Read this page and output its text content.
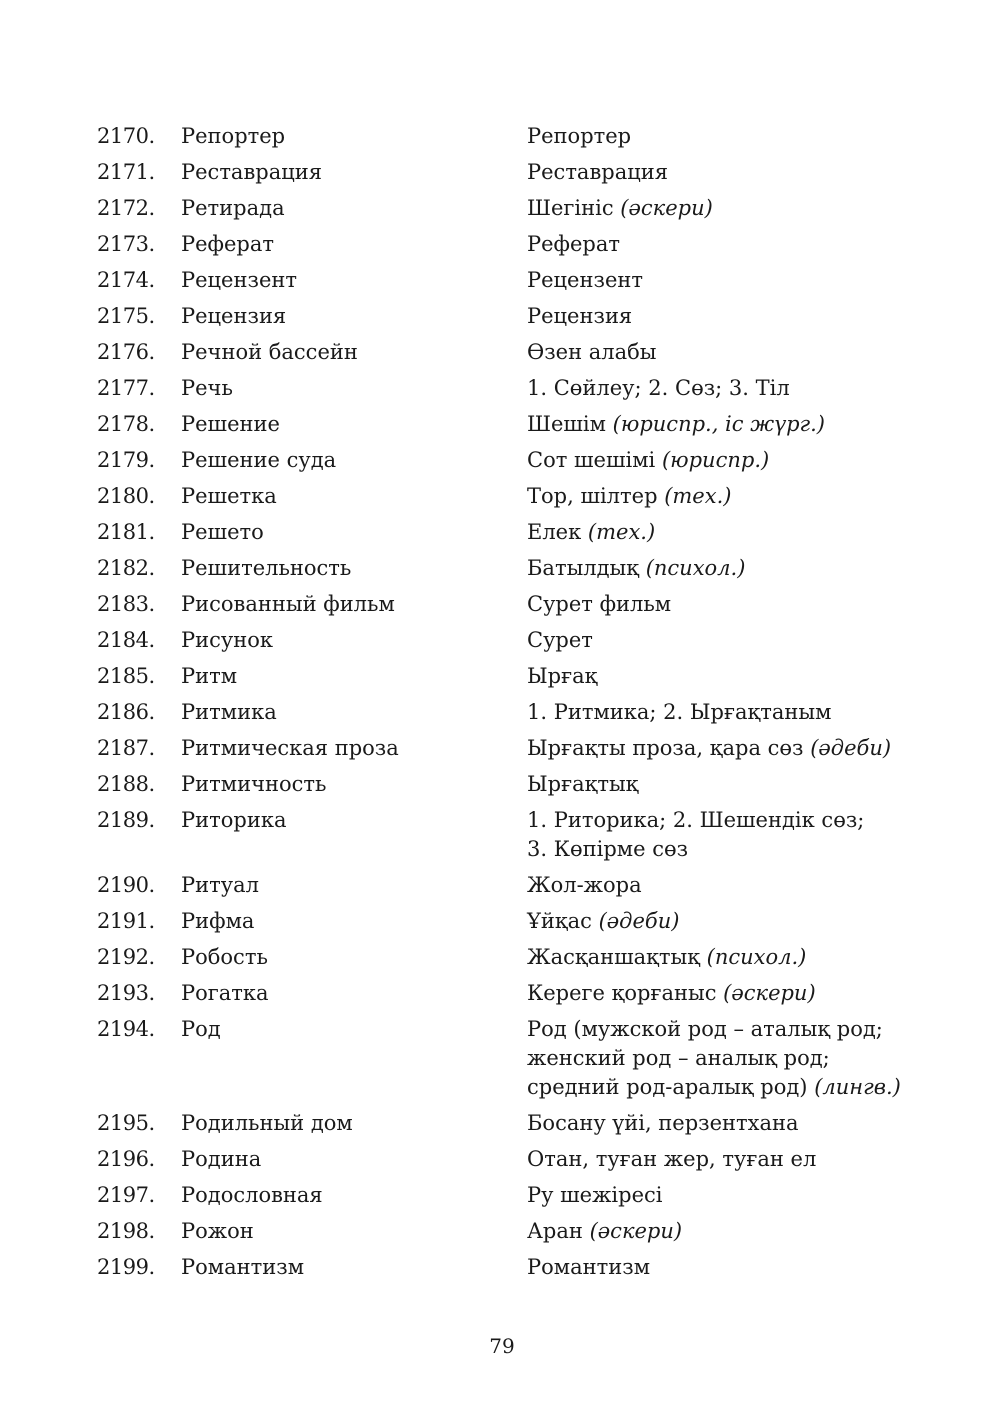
2170.	Репортер	Репортер
2171.	Реставрация	Реставрация
2172.	Ретирада	Шегініс (әскери)
2173.	Реферат	Реферат
2174.	Рецензент	Рецензент
2175.	Рецензия	Рецензия
2176.	Речной бассейн	Өзен алабы
2177.	Речь	1. Сөйлеу; 2. Сөз; 3. Тіл
2178.	Решение	Шешім (юриспр., іс жүрг.)
2179.	Решение суда	Сот шешімі (юриспр.)
2180.	Решетка	Тор, шілтер (тех.)
2181.	Решето	Елек (тех.)
2182.	Решительность	Батылдық (психол.)
2183.	Рисованный фильм	Сурет фильм
2184.	Рисунок	Сурет
2185.	Ритм	Ырғақ
2186.	Ритмика	1. Ритмика; 2. Ырғақтаным
2187.	Ритмическая проза	Ырғақты проза, қара сөз (әдеби)
2188.	Ритмичность	Ырғақтық
2189.	Риторика	1. Риторика; 2. Шешендік сөз;
3. Көпірме сөз
2190.	Ритуал	Жол-жора
2191.	Рифма	Ұйқас (әдеби)
2192.	Робость	Жасқаншақтық (психол.)
2193.	Рогатка	Кереге қорғаныс (әскери)
2194.	Род	Род (мужской род – аталық род;
женский род – аналық род;
средний род-аралық род) (лингв.)
2195.	Родильный дом	Босану үйі, перзентхана
2196.	Родина	Отан, туған жер, туған ел
2197.	Родословная	Ру шежіресі
2198.	Рожон	Аран (әскери)
2199.	Романтизм	Романтизм
79
